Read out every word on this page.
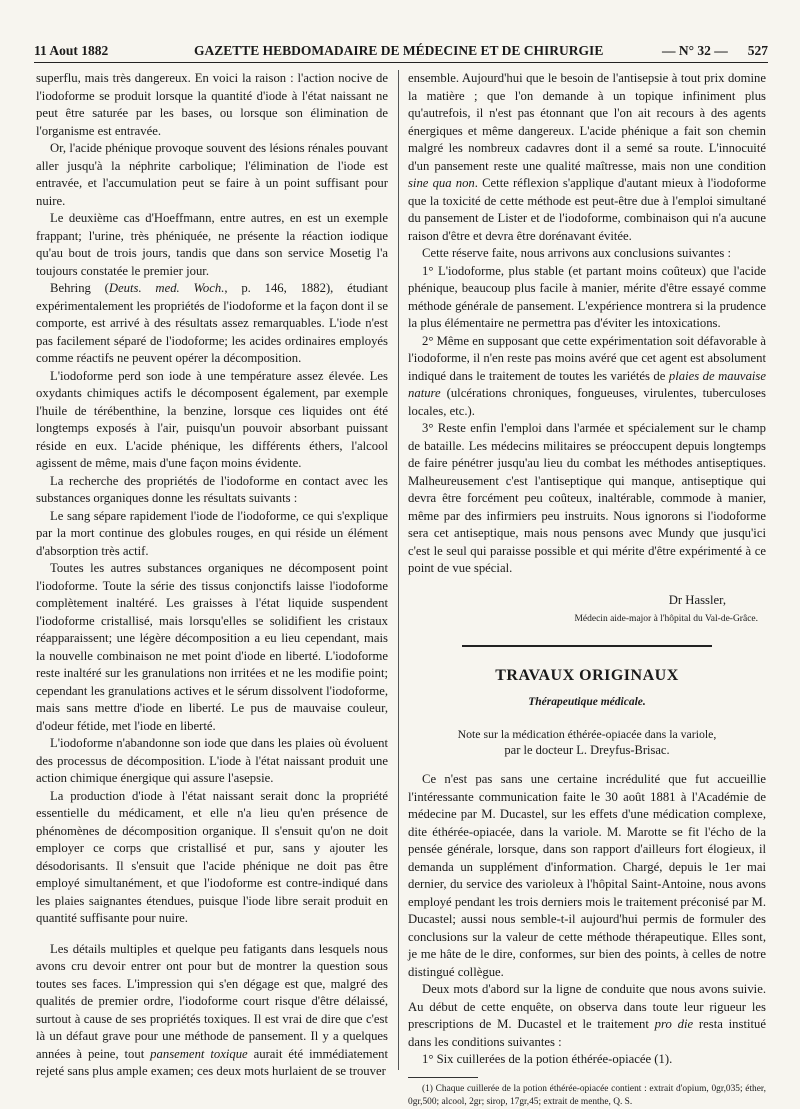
11 Aout 1882	GAZETTE HEBDOMADAIRE DE MÉDECINE ET DE CHIRURGIE	— N° 32 — 527

superflu, mais très dangereux. En voici la raison : l'action nocive de l'iodoforme se produit lorsque la quantité d'iode à l'état naissant ne peut être saturée par les bases, ou lorsque son élimination de l'organisme est entravée.

Or, l'acide phénique provoque souvent des lésions rénales pouvant aller jusqu'à la néphrite carbolique; l'élimination de l'iode est entravée, et l'accumulation peut se faire à un point suffisant pour nuire.

Le deuxième cas d'Hoeffmann, entre autres, en est un exemple frappant; l'urine, très phéniquée, ne présente la réaction iodique qu'au bout de trois jours, tandis que dans son service Mosetig l'a toujours constatée le premier jour.

Behring (Deuts. med. Woch., p. 146, 1882), étudiant expérimentalement les propriétés de l'iodoforme et la façon dont il se comporte, est arrivé à des résultats assez remarquables. L'iode n'est pas facilement séparé de l'iodoforme; les acides ordinaires employés comme réactifs ne peuvent opérer la décomposition.

L'iodoforme perd son iode à une température assez élevée. Les oxydants chimiques actifs le décomposent également, par exemple l'huile de térébenthine, la benzine, lorsque ces liquides ont été longtemps exposés à l'air, puisqu'un pouvoir absorbant puissant réside en eux. L'acide phénique, les différents éthers, l'alcool agissent de même, mais d'une façon moins évidente.

La recherche des propriétés de l'iodoforme en contact avec les substances organiques donne les résultats suivants :

Le sang sépare rapidement l'iode de l'iodoforme, ce qui s'explique par la mort continue des globules rouges, en qui réside un élément d'absorption très actif.

Toutes les autres substances organiques ne décomposent point l'iodoforme. Toute la série des tissus conjonctifs laisse l'iodoforme complètement inaltéré. Les graisses à l'état liquide suspendent l'iodoforme cristallisé, mais lorsqu'elles se solidifient les cristaux réapparaissent; une légère décomposition a eu lieu cependant, mais la nouvelle combinaison ne met point d'iode en liberté. L'iodoforme reste inaltéré sur les granulations non irritées et ne les modifie point; cependant les granulations actives et le sérum dissolvent l'iodoforme, mais sans mettre d'iode en liberté. Le pus de mauvaise couleur, d'odeur fétide, met l'iode en liberté.

L'iodoforme n'abandonne son iode que dans les plaies où évoluent des processus de décomposition. L'iode à l'état naissant produit une action chimique énergique qui assure l'asepsie.

La production d'iode à l'état naissant serait donc la propriété essentielle du médicament, et elle n'a lieu qu'en présence de phénomènes de décomposition organique. Il s'ensuit qu'on ne doit employer ce corps que cristallisé et pur, sans y ajouter les désodorisants. Il s'ensuit que l'acide phénique ne doit pas être employé simultanément, et que l'iodoforme est contre-indiqué dans les plaies saignantes étendues, puisque l'iode libre serait produit en quantité suffisante pour nuire.

Les détails multiples et quelque peu fatigants dans lesquels nous avons cru devoir entrer ont pour but de montrer la question sous toutes ses faces. L'impression qui s'en dégage est que, malgré des qualités de premier ordre, l'iodoforme court risque d'être délaissé, surtout à cause de ses propriétés toxiques. Il est vrai de dire que c'est là un défaut grave pour une méthode de pansement. Il y a quelques années à peine, tout pansement toxique aurait été immédiatement rejeté sans plus ample examen; ces deux mots hurlaient de se trouver

ensemble. Aujourd'hui que le besoin de l'antisepsie à tout prix domine la matière ; que l'on demande à un topique infiniment plus qu'autrefois, il n'est pas étonnant que l'on ait recours à des agents énergiques et même dangereux. L'acide phénique a fait son chemin malgré les nombreux cadavres dont il a semé sa route. L'innocuité d'un pansement reste une qualité maîtresse, mais non une condition sine qua non. Cette réflexion s'applique d'autant mieux à l'iodoforme que la toxicité de cette méthode est peut-être due à l'emploi simultané du pansement de Lister et de l'iodoforme, combinaison qui n'a aucune raison d'être et devra être dorénavant évitée.

Cette réserve faite, nous arrivons aux conclusions suivantes :

1° L'iodoforme, plus stable (et partant moins coûteux) que l'acide phénique, beaucoup plus facile à manier, mérite d'être essayé comme méthode générale de pansement. L'expérience montrera si la prudence la plus élémentaire ne permettra pas d'éviter les intoxications.

2° Même en supposant que cette expérimentation soit défavorable à l'iodoforme, il n'en reste pas moins avéré que cet agent est absolument indiqué dans le traitement de toutes les variétés de plaies de mauvaise nature (ulcérations chroniques, fongueuses, virulentes, tuberculoses locales, etc.).

3° Reste enfin l'emploi dans l'armée et spécialement sur le champ de bataille. Les médecins militaires se préoccupent depuis longtemps de faire pénétrer jusqu'au lieu du combat les méthodes antiseptiques. Malheureusement c'est l'antiseptique qui manque, antiseptique qui devra être forcément peu coûteux, inaltérable, commode à manier, même par des infirmiers peu instruits. Nous ignorons si l'iodoforme sera cet antiseptique, mais nous pensons avec Mundy que jusqu'ici c'est le seul qui paraisse possible et qui mérite d'être expérimenté à ce point de vue spécial.

Dr Hassler,
Médecin aide-major à l'hôpital du Val-de-Grâce.
TRAVAUX ORIGINAUX
Thérapeutique médicale.
Note sur la médication éthérée-opiacée dans la variole,
par le docteur L. Dreyfus-Brisac.

Ce n'est pas sans une certaine incrédulité que fut accueillie l'intéressante communication faite le 30 août 1881 à l'Académie de médecine par M. Ducastel, sur les effets d'une médication complexe, dite éthérée-opiacée, dans la variole. M. Marotte se fit l'écho de la pensée générale, lorsque, dans son rapport d'ailleurs fort élogieux, il demanda un supplément d'information. Chargé, depuis le 1er mai dernier, du service des varioleux à l'hôpital Saint-Antoine, nous avons employé pendant les trois derniers mois le traitement préconisé par M. Ducastel; aussi nous semble-t-il aujourd'hui permis de formuler des conclusions sur la valeur de cette méthode thérapeutique. Elles sont, je me hâte de le dire, conformes, sur bien des points, à celles de notre distingué collègue.

Deux mots d'abord sur la ligne de conduite que nous avons suivie. Au début de cette enquête, on observa dans toute leur rigueur les prescriptions de M. Ducastel et le traitement pro die resta institué dans les conditions suivantes :

1° Six cuillerées de la potion éthérée-opiacée (1).

(1) Chaque cuillerée de la potion éthérée-opiacée contient : extrait d'opium, 0gr,035; éther, 0gr,500; alcool, 2gr; sirop, 17gr,45; extrait de menthe, Q. S.
